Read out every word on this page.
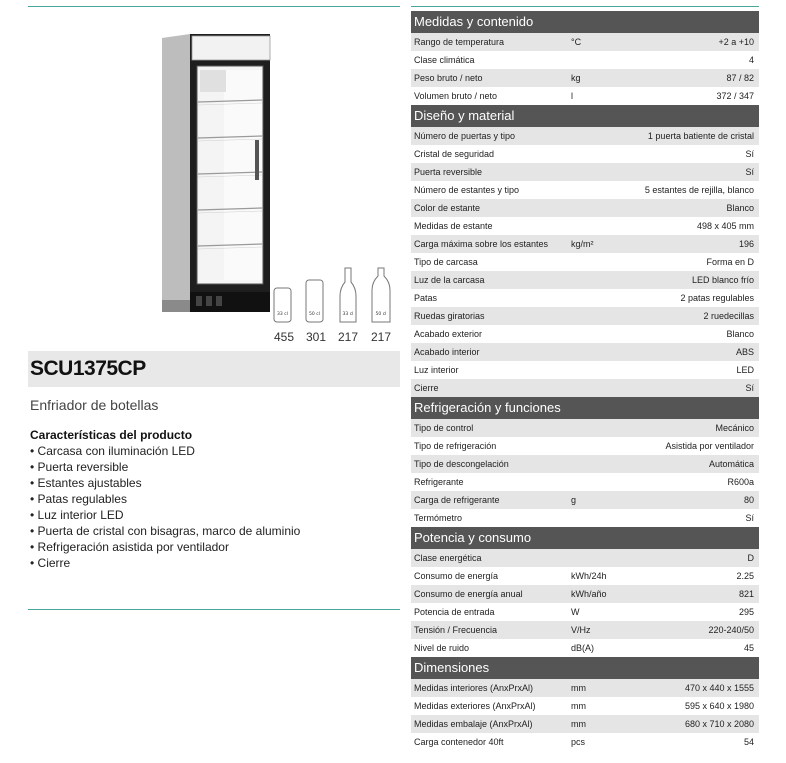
33 cl	50 cl	33 cl	50 cl
455 301 217	217
SCU1375CP
Enfriador de botellas
Características del producto
• Carcasa con iluminación LED
• Puerta reversible
• Estantes ajustables
• Patas regulables
• Luz interior LED
• Puerta de cristal con bisagras, marco de aluminio
• Refrigeración asistida por ventilador
• Cierre
Medidas y contenido
Rango de temperatura	°C	+2 a +10
Clase climática	4
Peso bruto / neto	kg	87 / 82
Volumen bruto / neto	l	372 / 347
Diseño y material
Número de puertas y tipo	1 puerta batiente de cristal
Cristal de seguridad	Sí
Puerta reversible	Sí
Número de estantes y tipo	5 estantes de rejilla, blanco
Color de estante	Blanco
Medidas de estante	498 x 405 mm
Carga máxima sobre los estantes	kg/m²	196
Tipo de carcasa	Forma en D
Luz de la carcasa	LED blanco frío
Patas	2 patas regulables
Ruedas giratorias	2 ruedecillas
Acabado exterior	Blanco
Acabado interior	ABS
Luz interior	LED
Cierre	Sí
Refrigeración y funciones
Tipo de control	Mecánico
Tipo de refrigeración	Asistida por ventilador
Tipo de descongelación	Automática
Refrigerante	R600a
Carga de refrigerante	g	80
Termómetro	Sí
Potencia y consumo
Clase energética	D
Consumo de energía	kWh/24h	2.25
Consumo de energía anual	kWh/año	821
Potencia de entrada	W	295
Tensión / Frecuencia	V/Hz	220-240/50
Nivel de ruido	dB(A)	45
Dimensiones
Medidas interiores (AnxPrxAl)	mm	470 x 440 x 1555
Medidas exteriores (AnxPrxAl)	mm	595 x 640 x 1980
Medidas embalaje (AnxPrxAl)	mm	680 x 710 x 2080
Carga contenedor 40ft	pcs	54
